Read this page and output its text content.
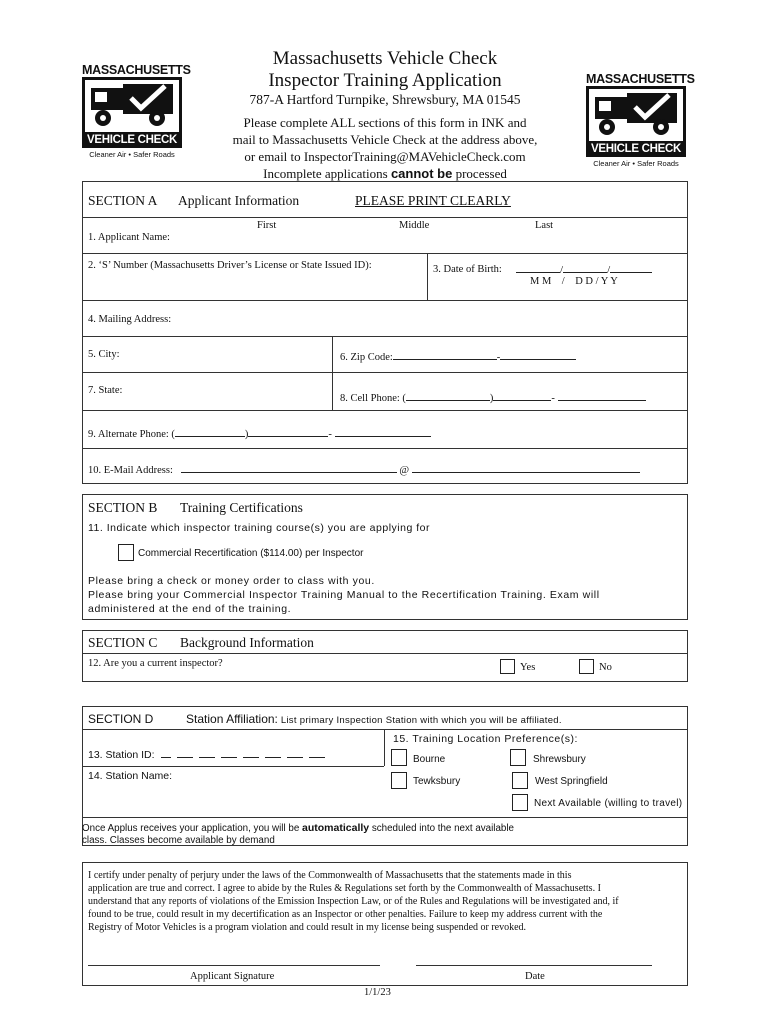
MASSACHUSETTS
VEHICLE CHECK
Cleaner Air • Safer Roads
MASSACHUSETTS
VEHICLE CHECK
Cleaner Air • Safer Roads
Massachusetts Vehicle Check
Inspector Training Application
787-A Hartford Turnpike, Shrewsbury, MA 01545
Please complete ALL sections of this form in INK and
mail to Massachusetts Vehicle Check at the address above,
or email to InspectorTraining@MAVehicleCheck.com
Incomplete applications cannot be processed
SECTION A Applicant Information	PLEASE PRINT CLEARLY
First	Middle	Last
1. Applicant Name:
2. ‘S’ Number (Massachusetts Driver’s License or State Issued ID):	3. Date of Birth:	/	/
M M    /    D D / Y Y
4. Mailing Address:
5. City:	6. Zip Code:	-
7. State:
8. Cell Phone: (	)	-
9. Alternate Phone: (	)	-
10. E-Mail Address:	@
SECTION B Training Certifications
11. Indicate which inspector training course(s) you are applying for
Commercial Recertification ($114.00) per Inspector
Please bring a check or money order to class with you.
Please bring your Commercial Inspector Training Manual to the Recertification Training. Exam will
administered at the end of the training.
SECTION C Background Information
12. Are you a current inspector?	Yes	No
SECTION D	Station Affiliation: List primary Inspection Station with which you will be affiliated.
15. Training Location Preference(s):
13. Station ID:
14. Station Name:
Bourne	Shrewsbury
Tewksbury	West Springfield
Next Available (willing to travel)
Once Applus receives your application, you will be automatically scheduled into the next available
class. Classes become available by demand
I certify under penalty of perjury under the laws of the Commonwealth of Massachusetts that the statements made in this
application are true and correct. I agree to abide by the Rules & Regulations set forth by the Commonwealth of Massachusetts. I
understand that any reports of violations of the Emission Inspection Law, or of the Rules and Regulations will be investigated and, if
found to be true, could result in my decertification as an Inspector or other penalties. Failure to keep my address current with the
Registry of Motor Vehicles is a program violation and could result in my license being suspended or revoked.
Applicant Signature	Date
1/1/23
